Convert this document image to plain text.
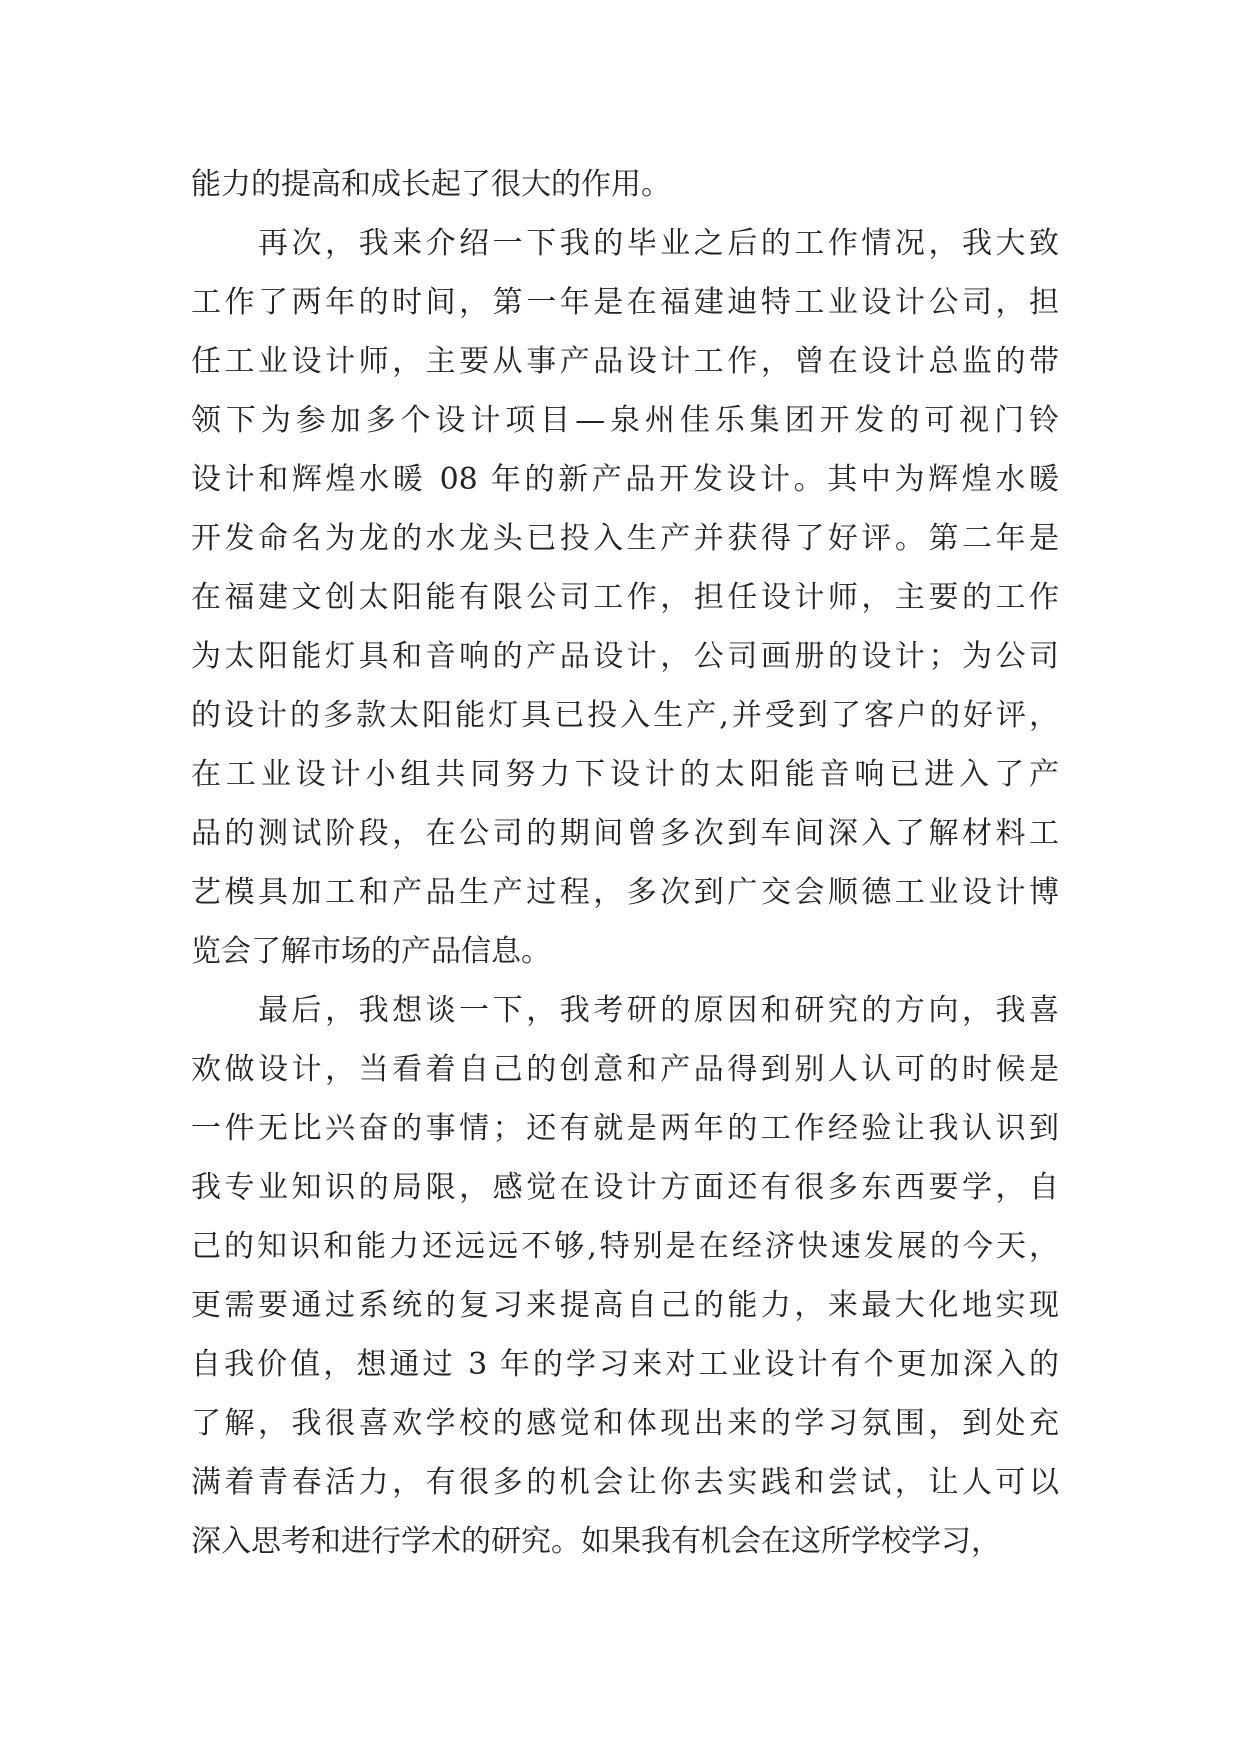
能力的提高和成长起了很大的作用。
　　再次，我来介绍一下我的毕业之后的工作情况，我大致
工作了两年的时间，第一年是在福建迪特工业设计公司，担
任工业设计师，主要从事产品设计工作，曾在设计总监的带
领下为参加多个设计项目—泉州佳乐集团开发的可视门铃
设计和辉煌水暖 08 年的新产品开发设计。其中为辉煌水暖
开发命名为龙的水龙头已投入生产并获得了好评。第二年是
在福建文创太阳能有限公司工作，担任设计师，主要的工作
为太阳能灯具和音响的产品设计，公司画册的设计；为公司
的设计的多款太阳能灯具已投入生产,并受到了客户的好评，
在工业设计小组共同努力下设计的太阳能音响已进入了产
品的测试阶段，在公司的期间曾多次到车间深入了解材料工
艺模具加工和产品生产过程，多次到广交会顺德工业设计博
览会了解市场的产品信息。
　　最后，我想谈一下，我考研的原因和研究的方向，我喜
欢做设计，当看着自己的创意和产品得到别人认可的时候是
一件无比兴奋的事情；还有就是两年的工作经验让我认识到
我专业知识的局限，感觉在设计方面还有很多东西要学，自
己的知识和能力还远远不够,特别是在经济快速发展的今天，
更需要通过系统的复习来提高自己的能力，来最大化地实现
自我价值，想通过 3 年的学习来对工业设计有个更加深入的
了解，我很喜欢学校的感觉和体现出来的学习氛围，到处充
满着青春活力，有很多的机会让你去实践和尝试，让人可以
深入思考和进行学术的研究。如果我有机会在这所学校学习，
